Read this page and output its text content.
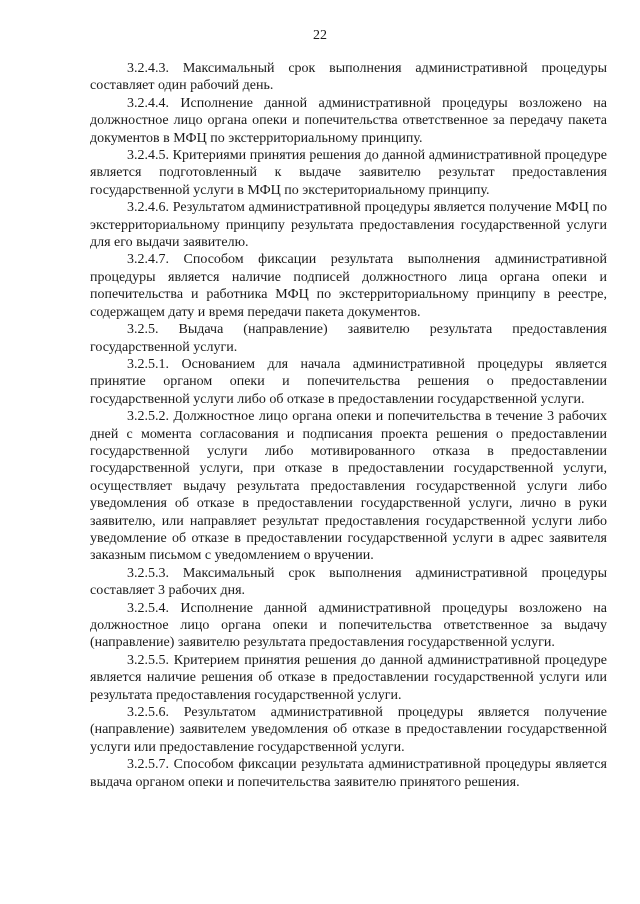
22

3.2.4.3. Максимальный срок выполнения административной процедуры составляет один рабочий день.

3.2.4.4. Исполнение данной административной процедуры возложено на должностное лицо органа опеки и попечительства ответственное за передачу пакета документов в МФЦ по экстерриториальному принципу.

3.2.4.5. Критериями принятия решения до данной административной процедуре является подготовленный к выдаче заявителю результат предоставления государственной услуги в МФЦ по экстериториальному принципу.

3.2.4.6. Результатом административной процедуры является получение МФЦ по экстерриториальному принципу результата предоставления государственной услуги для его выдачи заявителю.

3.2.4.7. Способом фиксации результата выполнения административной процедуры является наличие подписей должностного лица органа опеки и попечительства и работника МФЦ по экстерриториальному принципу в реестре, содержащем дату и время передачи пакета документов.

3.2.5. Выдача (направление) заявителю результата предоставления государственной услуги.

3.2.5.1. Основанием для начала административной процедуры является принятие органом опеки и попечительства решения о предоставлении государственной услуги либо об отказе в предоставлении государственной услуги.

3.2.5.2. Должностное лицо органа опеки и попечительства в течение 3 рабочих дней с момента согласования и подписания проекта решения о предоставлении государственной услуги либо мотивированного отказа в предоставлении государственной услуги, при отказе в предоставлении государственной услуги, осуществляет выдачу результата предоставления государственной услуги либо уведомления об отказе в предоставлении государственной услуги, лично в руки заявителю, или направляет результат предоставления государственной услуги либо уведомление об отказе в предоставлении государственной услуги в адрес заявителя заказным письмом с уведомлением о вручении.

3.2.5.3. Максимальный срок выполнения административной процедуры составляет 3 рабочих дня.

3.2.5.4. Исполнение данной административной процедуры возложено на должностное лицо органа опеки и попечительства ответственное за выдачу (направление) заявителю результата предоставления государственной услуги.

3.2.5.5. Критерием принятия решения до данной административной процедуре является наличие решения об отказе в предоставлении государственной услуги или результата предоставления государственной услуги.

3.2.5.6. Результатом административной процедуры является получение (направление) заявителем уведомления об отказе в предоставлении государственной услуги или предоставление государственной услуги.

3.2.5.7. Способом фиксации результата административной процедуры является выдача органом опеки и попечительства заявителю принятого решения.
